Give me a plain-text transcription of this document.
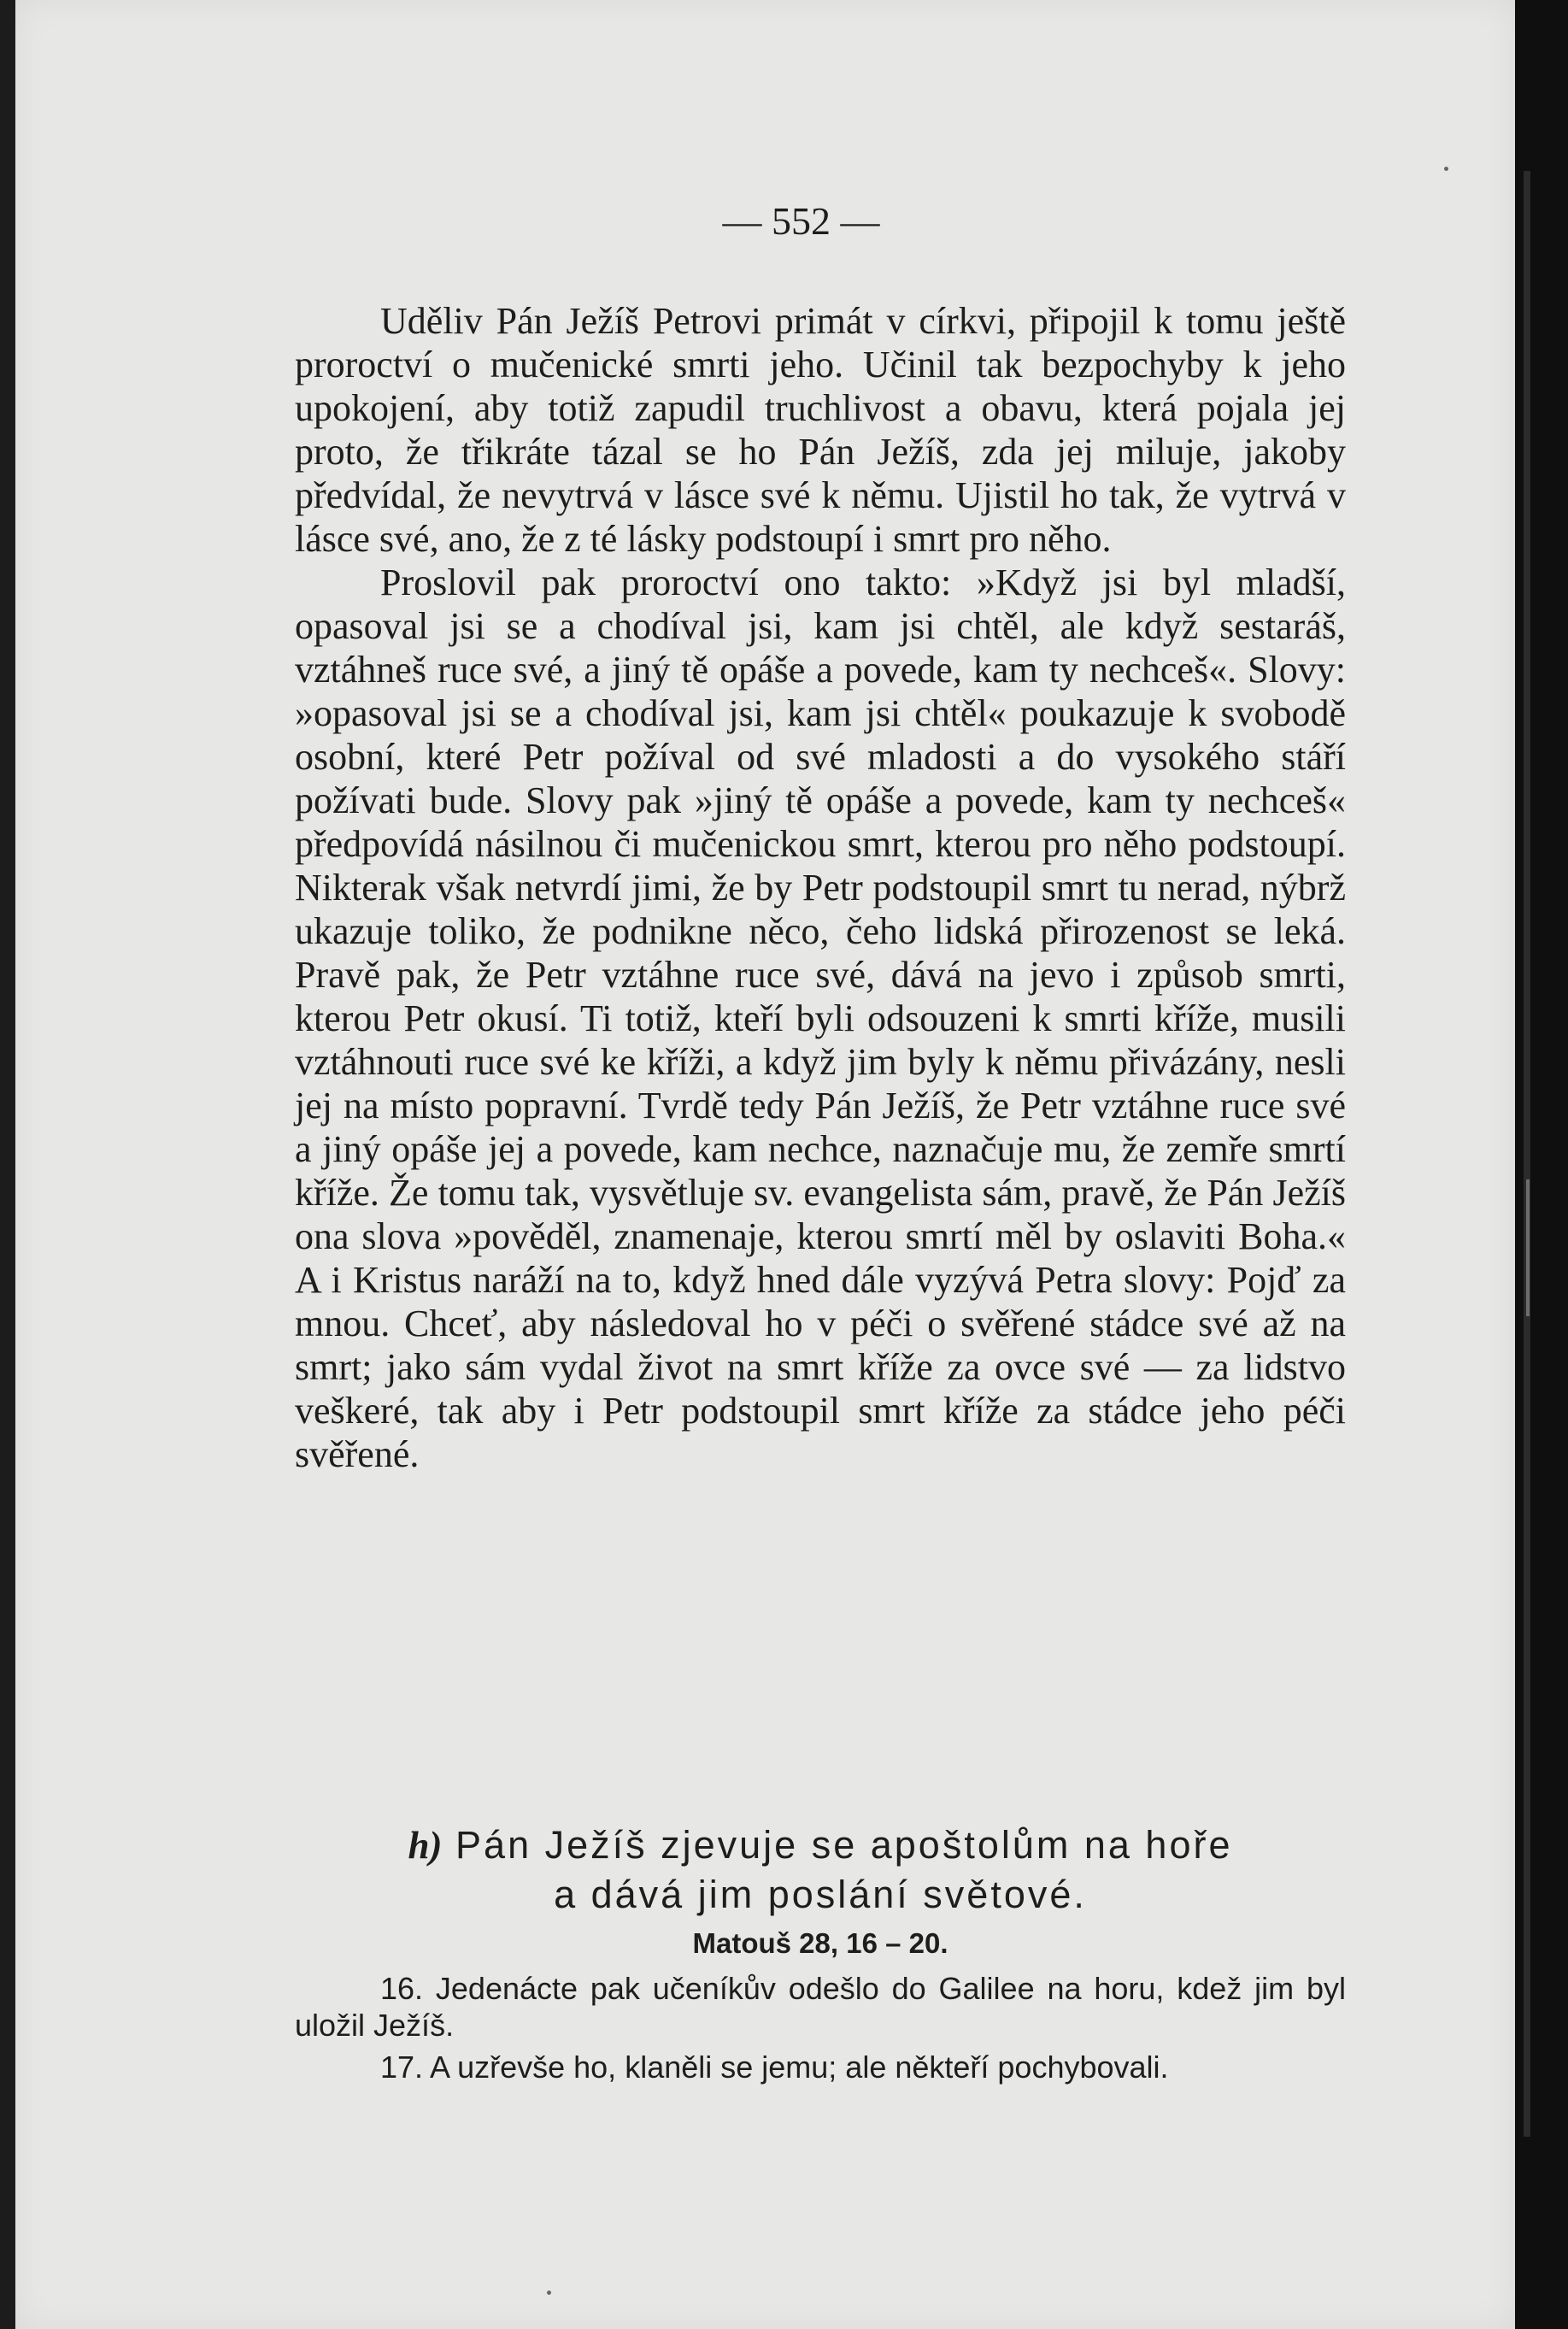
— 552 —

Uděliv Pán Ježíš Petrovi primát v církvi, připojil k tomu ještě proroctví o mučenické smrti jeho. Učinil tak bezpochyby k jeho upokojení, aby totiž zapudil truchlivost a obavu, která pojala jej proto, že třikráte tázal se ho Pán Ježíš, zda jej miluje, jakoby předvídal, že nevytrvá v lásce své k němu. Ujistil ho tak, že vytrvá v lásce své, ano, že z té lásky podstoupí i smrt pro něho.

Proslovil pak proroctví ono takto: »Když jsi byl mladší, opasoval jsi se a chodíval jsi, kam jsi chtěl, ale když sestaráš, vztáhneš ruce své, a jiný tě opáše a povede, kam ty nechceš«. Slovy: »opasoval jsi se a chodíval jsi, kam jsi chtěl« poukazuje k svobodě osobní, které Petr požíval od své mladosti a do vysokého stáří požívati bude. Slovy pak »jiný tě opáše a povede, kam ty nechceš« předpovídá násilnou či mučenickou smrt, kterou pro něho podstoupí. Nikterak však netvrdí jimi, že by Petr podstoupil smrt tu nerad, nýbrž ukazuje toliko, že podnikne něco, čeho lidská přirozenost se leká. Pravě pak, že Petr vztáhne ruce své, dává na jevo i způsob smrti, kterou Petr okusí. Ti totiž, kteří byli odsouzeni k smrti kříže, musili vztáhnouti ruce své ke kříži, a když jim byly k němu přivázány, nesli jej na místo popravní. Tvrdě tedy Pán Ježíš, že Petr vztáhne ruce své a jiný opáše jej a povede, kam nechce, naznačuje mu, že zemře smrtí kříže. Že tomu tak, vysvětluje sv. evangelista sám, pravě, že Pán Ježíš ona slova »pověděl, znamenaje, kterou smrtí měl by oslaviti Boha.« A i Kristus naráží na to, když hned dále vyzývá Petra slovy: Pojď za mnou. Chceť, aby následoval ho v péči o svěřené stádce své až na smrt; jako sám vydal život na smrt kříže za ovce své — za lidstvo veškeré, tak aby i Petr podstoupil smrt kříže za stádce jeho péči svěřené.

h) Pán Ježíš zjevuje se apoštolům na hoře
a dává jim poslání světové.
Matouš 28, 16 – 20.

16. Jedenácte pak učeníkův odešlo do Galilee na horu, kdež jim byl uložil Ježíš.

17. A uzřevše ho, klaněli se jemu; ale někteří pochybovali.
